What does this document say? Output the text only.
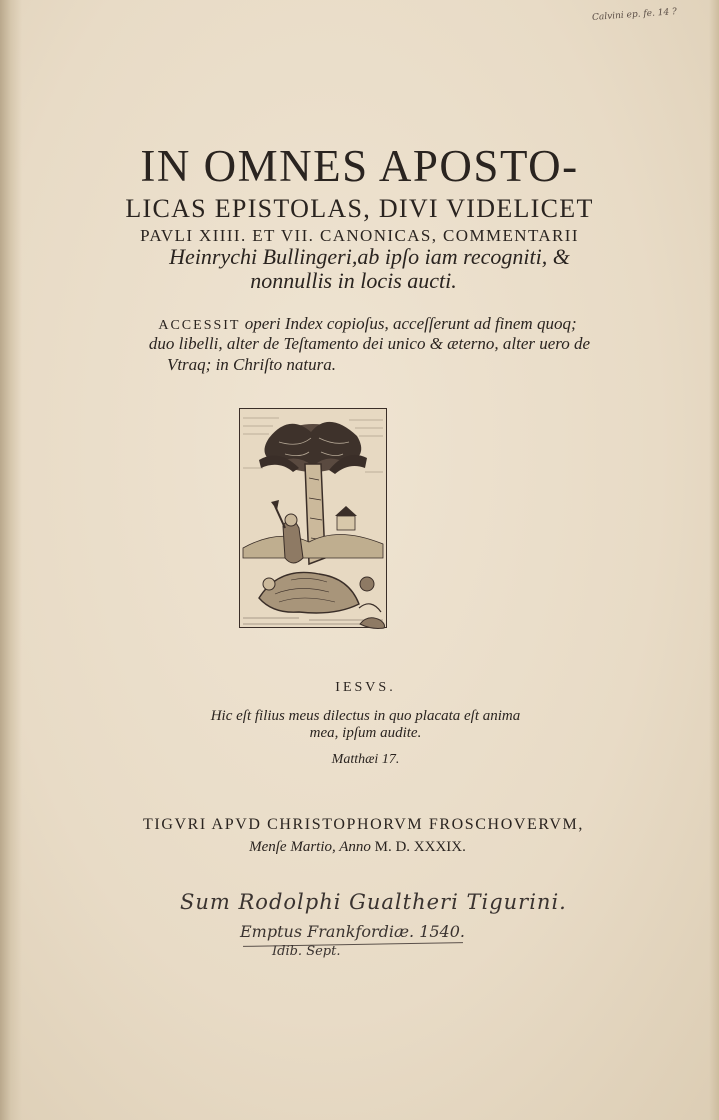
Calvini ep. fe. 14 ?
IN OMNES APOSTO-
LICAS EPISTOLAS, DIVI VIDELICET
PAVLI XIIII. ET VII. CANONICAS, COMMENTARII
Heinrychi Bullingeri,ab ipſo iam recogniti, &
nonnullis in locis aucti.
ACCESSIT operi Index copioſus, acceſſerunt ad finem quoq;
duo libelli, alter de Teſtamento dei unico & æterno, alter uero de
Vtraq; in Chriſto natura.
IESVS.
Hic eſt filius meus dilectus in quo placata eſt anima
mea, ipſum audite.
Matthæi 17.
TIGVRI APVD CHRISTOPHORVM FROSCHOVERVM,
Menſe Martio, Anno M. D. XXXIX.
Sum Rodolphi Gualtheri Tigurini.
Emptus Frankfordiæ. 1540.
Idib. Sept.
